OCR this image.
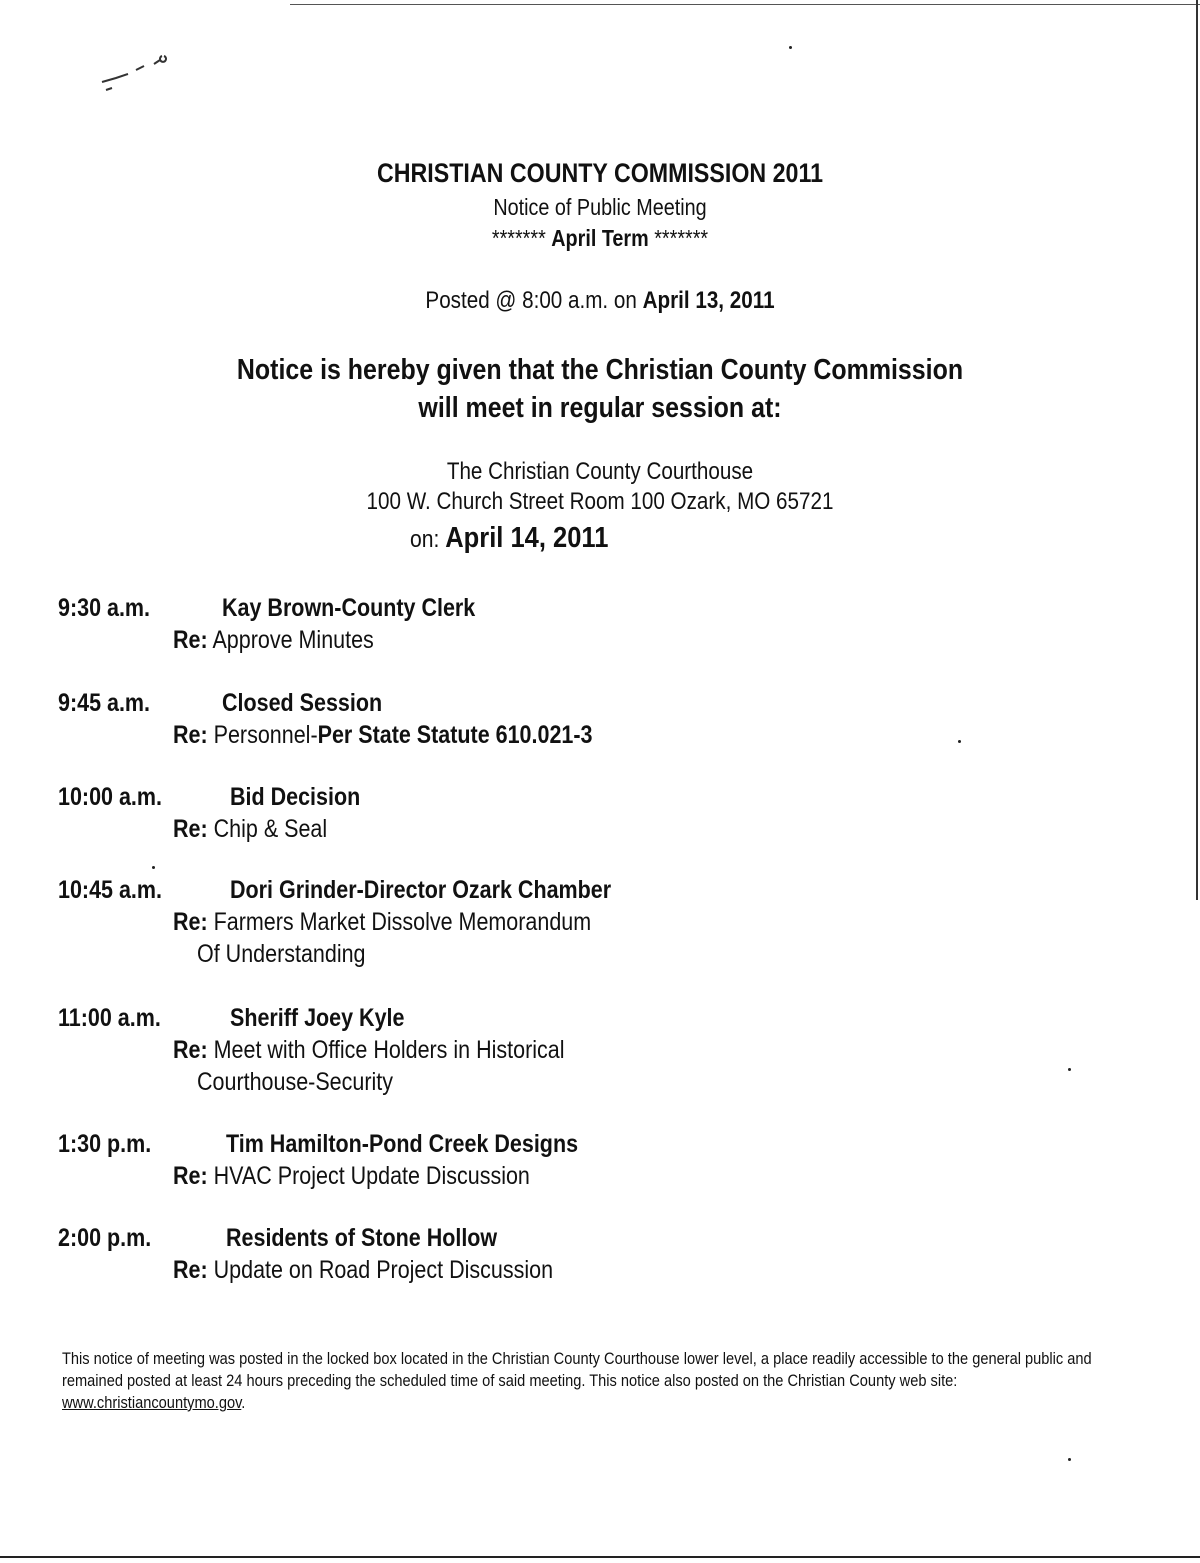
CHRISTIAN COUNTY COMMISSION 2011
Notice of Public Meeting
******* April Term *******
Posted @ 8:00 a.m. on April 13, 2011
Notice is hereby given that the Christian County Commission
will meet in regular session at:
The Christian County Courthouse
100 W. Church Street Room 100 Ozark, MO 65721
on: April 14, 2011
9:30 a.m.	Kay Brown-County Clerk
Re: Approve Minutes
9:45 a.m.	Closed Session
Re: Personnel-Per State Statute 610.021-3
10:00 a.m.	Bid Decision
Re: Chip & Seal
10:45 a.m.	Dori Grinder-Director Ozark Chamber
Re: Farmers Market Dissolve Memorandum
Of Understanding
11:00 a.m.	Sheriff Joey Kyle
Re: Meet with Office Holders in Historical
Courthouse-Security
1:30 p.m.	Tim Hamilton-Pond Creek Designs
Re: HVAC Project Update Discussion
2:00 p.m.	Residents of Stone Hollow
Re: Update on Road Project Discussion
This notice of meeting was posted in the locked box located in the Christian County Courthouse lower level, a place readily accessible to the general public and remained posted at least 24 hours preceding the scheduled time of said meeting. This notice also posted on the Christian County web site: www.christiancountymo.gov.
